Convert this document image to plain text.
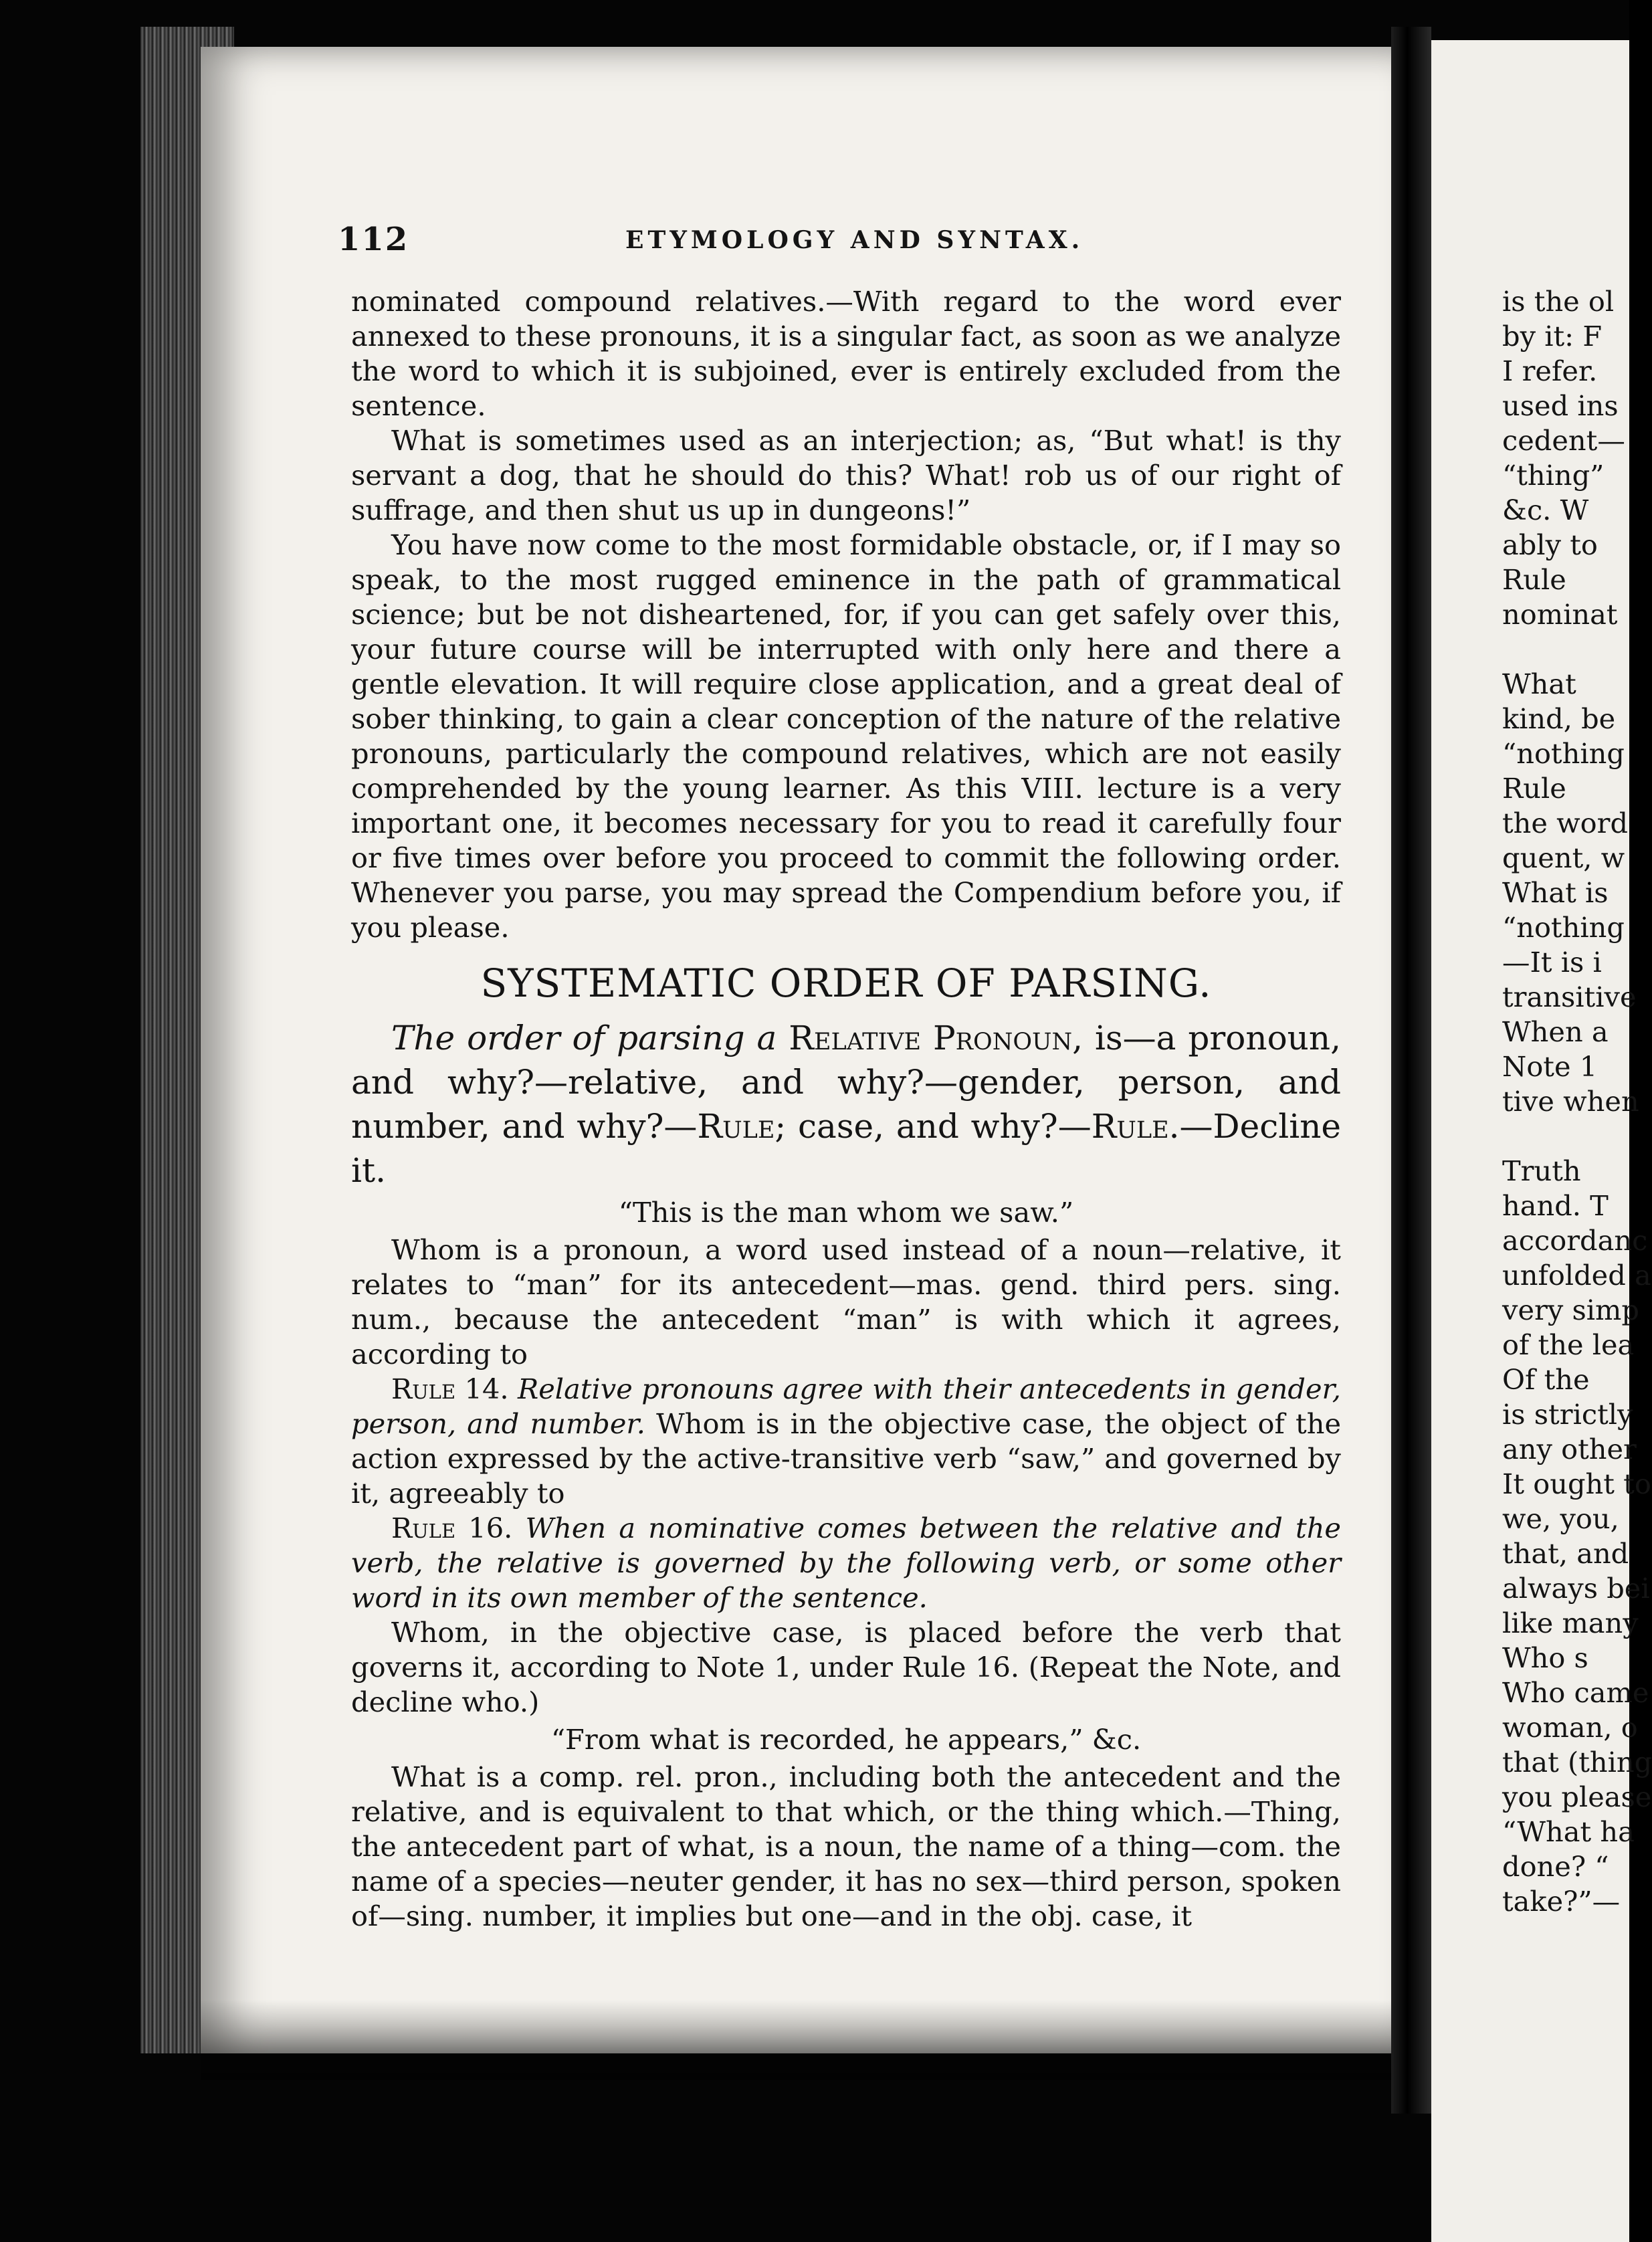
112	ETYMOLOGY AND SYNTAX.

nominated compound relatives.—With regard to the word ever annexed to these pronouns, it is a singular fact, as soon as we analyze the word to which it is subjoined, ever is entirely excluded from the sentence.

What is sometimes used as an interjection; as, “But what! is thy servant a dog, that he should do this? What! rob us of our right of suffrage, and then shut us up in dungeons!”

You have now come to the most formidable obstacle, or, if I may so speak, to the most rugged eminence in the path of grammatical science; but be not disheartened, for, if you can get safely over this, your future course will be interrupted with only here and there a gentle elevation. It will require close application, and a great deal of sober thinking, to gain a clear conception of the nature of the relative pronouns, particularly the compound relatives, which are not easily comprehended by the young learner. As this VIII. lecture is a very important one, it becomes necessary for you to read it carefully four or five times over before you proceed to commit the following order. Whenever you parse, you may spread the Compendium before you, if you please.

SYSTEMATIC ORDER OF PARSING.

The order of parsing a Relative Pronoun, is—a pronoun, and why?—relative, and why?—gender, person, and number, and why?—Rule; case, and why?—Rule.—Decline it.

“This is the man whom we saw.”

Whom is a pronoun, a word used instead of a noun—relative, it relates to “man” for its antecedent—mas. gend. third pers. sing. num., because the antecedent “man” is with which it agrees, according to

Rule 14. Relative pronouns agree with their antecedents in gender, person, and number. Whom is in the objective case, the object of the action expressed by the active-transitive verb “saw,” and governed by it, agreeably to

Rule 16. When a nominative comes between the relative and the verb, the relative is governed by the following verb, or some other word in its own member of the sentence.

Whom, in the objective case, is placed before the verb that governs it, according to Note 1, under Rule 16. (Repeat the Note, and decline who.)

“From what is recorded, he appears,” &c.

What is a comp. rel. pron., including both the antecedent and the relative, and is equivalent to that which, or the thing which.—Thing, the antecedent part of what, is a noun, the name of a thing—com. the name of a species—neuter gender, it has no sex—third person, spoken of—sing. number, it implies but one—and in the obj. case, it

is the ol
by it: F
I refer.
used ins
cedent—
“thing”
&c. W
ably to
Rule
nominat
What
kind, be
“nothing
Rule
the word
quent, w
What is
“nothing
—It is i
transitive
When a
Note 1
tive when
Truth
hand. T
accordanc
unfolded a
very simp
of the lea
Of the
is strictly
any other
It ought to
we, you,
that, and
always bei
like many
Who s
Who came
woman, o
that (thing
you please
“What ha
done? “
take?”—
